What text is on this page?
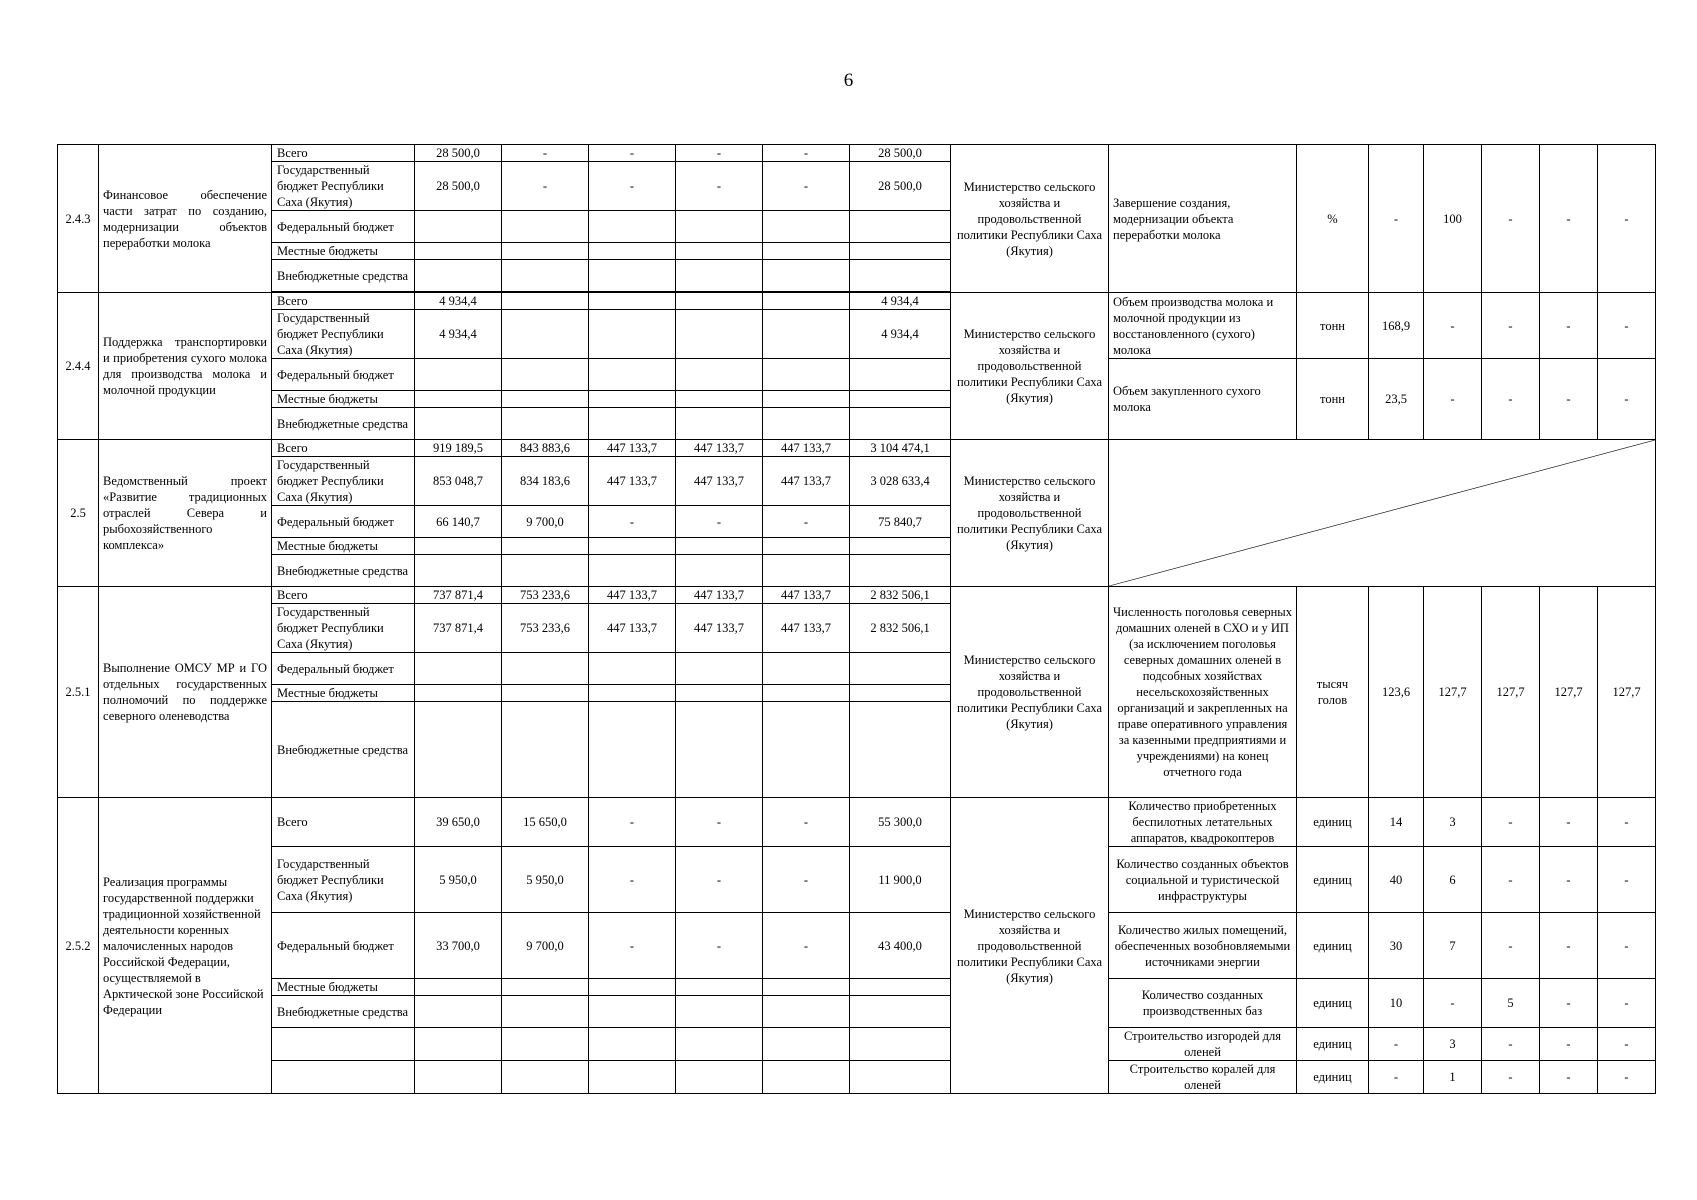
6
2.4.3	Финансовое обеспечение части затрат по созданию, модернизации объектов переработки молока	Всего	28 500,0	-	-	-	-	28 500,0	Министерство сельского хозяйства и продовольственной политики Республики Саха (Якутия)	Завершение создания, модернизации объекта переработки молока	%	-	100	-	-	-
		Государственный бюджет Республики Саха (Якутия)	28 500,0	-	-	-	-	28 500,0								
		Федеральный бюджет														
		Местные бюджеты														
		Внебюджетные средства														

2.4.4	Поддержка транспортировки и приобретения сухого молока для производства молока и молочной продукции	Всего	4 934,4					4 934,4	Министерство сельского хозяйства и продовольственной политики Республики Саха (Якутия)	Объем производства молока и молочной продукции из восстановленного (сухого) молока	тонн	168,9	-	-	-	-
		Государственный бюджет Республики Саха (Якутия)	4 934,4					4 934,4								
		Федеральный бюджет								Объем закупленного сухого молока	тонн	23,5	-	-	-	-
		Местные бюджеты														
		Внебюджетные средства														
2.5	Ведомственный проект «Развитие традиционных отраслей Севера и рыбохозяйственного комплекса»	Всего	919 189,5	843 883,6	447 133,7	447 133,7	447 133,7	3 104 474,1	Министерство сельского хозяйства и продовольственной политики Республики Саха (Якутия)	

		Государственный бюджет Республики Саха (Якутия)	853 048,7	834 183,6	447 133,7	447 133,7	447 133,7	3 028 633,4								
		Федеральный бюджет	66 140,7	9 700,0	-	-	-	75 840,7								
		Местные бюджеты														
		Внебюджетные средства														
2.5.1	Выполнение ОМСУ МР и ГО отдельных государственных полномочий по поддержке северного оленеводства	Всего	737 871,4	753 233,6	447 133,7	447 133,7	447 133,7	2 832 506,1	Министерство сельского хозяйства и продовольственной политики Республики Саха (Якутия)	Численность поголовья северных домашних оленей в СХО и у ИП (за исключением поголовья северных домашних оленей в подсобных хозяйствах несельскохозяйственных организаций и закрепленных на праве оперативного управления за казенными предприятиями и учреждениями) на конец отчетного года	тысяч голов	123,6	127,7	127,7	127,7	127,7
		Государственный бюджет Республики Саха (Якутия)	737 871,4	753 233,6	447 133,7	447 133,7	447 133,7	2 832 506,1								
		Федеральный бюджет														
		Местные бюджеты														
		Внебюджетные средства														
2.5.2	Реализация программы государственной поддержки традиционной хозяйственной деятельности коренных малочисленных народов Российской Федерации, осуществляемой в Арктической зоне Российской Федерации	Всего	39 650,0	15 650,0	-	-	-	55 300,0	Министерство сельского хозяйства и продовольственной политики Республики Саха (Якутия)	Количество приобретенных беспилотных летательных аппаратов, квадрокоптеров	единиц	14	3	-	-	-
		Государственный бюджет Республики Саха (Якутия)	5 950,0	5 950,0	-	-	-	11 900,0		Количество созданных объектов социальной и туристической инфраструктуры	единиц	40	6	-	-	-
		Федеральный бюджет	33 700,0	9 700,0	-	-	-	43 400,0		Количество жилых помещений, обеспеченных возобновляемыми источниками энергии	единиц	30	7	-	-	-
		Местные бюджеты								Количество созданных производственных баз	единиц	10	-	5	-	-
		Внебюджетные средства														
										Строительство изгородей для оленей	единиц	-	3	-	-	-
										Строительство коралей для оленей	единиц	-	1	-	-	-
